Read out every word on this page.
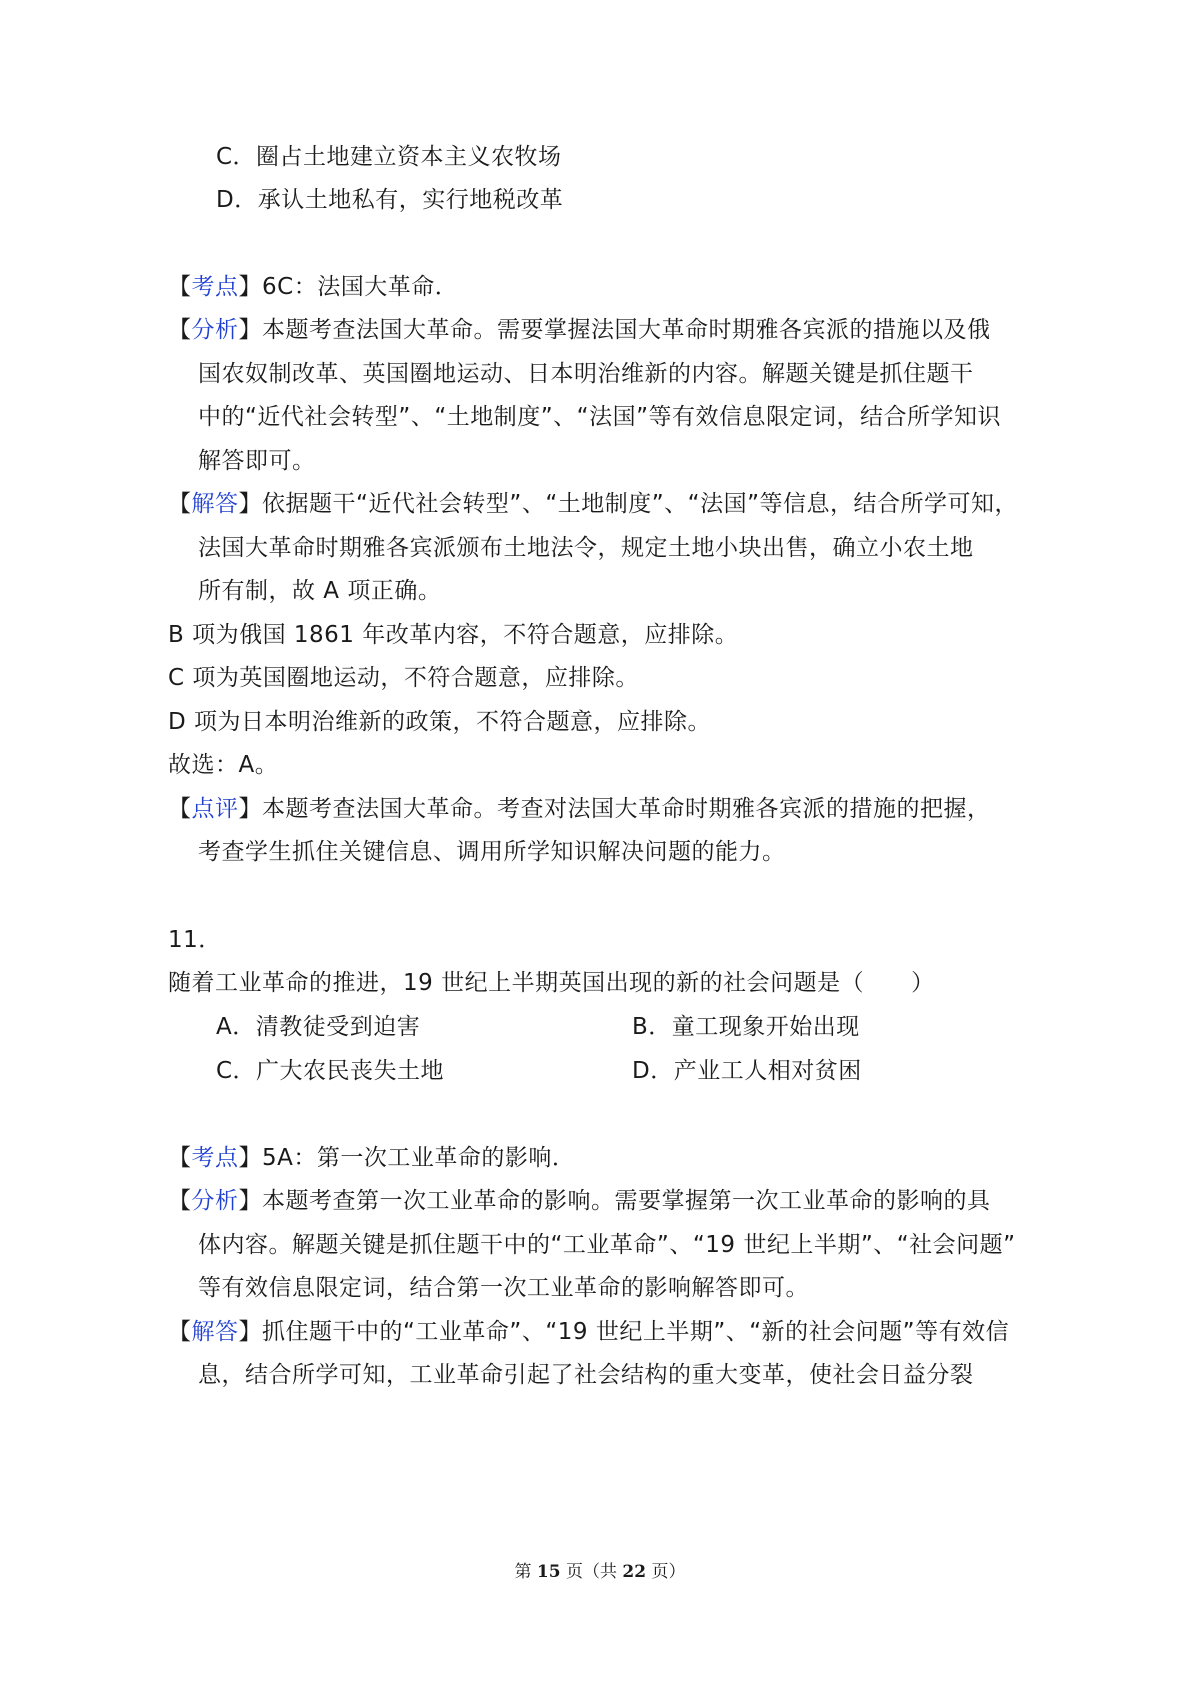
C．圈占土地建立资本主义农牧场
D．承认土地私有，实行地税改革
【考点】6C：法国大革命．
【分析】本题考查法国大革命。需要掌握法国大革命时期雅各宾派的措施以及俄
国农奴制改革、英国圈地运动、日本明治维新的内容。解题关键是抓住题干
中的“近代社会转型”、“土地制度”、“法国”等有效信息限定词，结合所学知识
解答即可。
【解答】依据题干“近代社会转型”、“土地制度”、“法国”等信息，结合所学可知，
法国大革命时期雅各宾派颁布土地法令，规定土地小块出售，确立小农土地
所有制，故 A 项正确。
B 项为俄国 1861 年改革内容，不符合题意，应排除。
C 项为英国圈地运动，不符合题意，应排除。
D 项为日本明治维新的政策，不符合题意，应排除。
故选：A。
【点评】本题考查法国大革命。考查对法国大革命时期雅各宾派的措施的把握，
考查学生抓住关键信息、调用所学知识解决问题的能力。
11．
随着工业革命的推进，19 世纪上半期英国出现的新的社会问题是（　　）
A．清教徒受到迫害	B．童工现象开始出现
C．广大农民丧失土地	D．产业工人相对贫困
【考点】5A：第一次工业革命的影响．
【分析】本题考查第一次工业革命的影响。需要掌握第一次工业革命的影响的具
体内容。解题关键是抓住题干中的“工业革命”、“19 世纪上半期”、“社会问题”
等有效信息限定词，结合第一次工业革命的影响解答即可。
【解答】抓住题干中的“工业革命”、“19 世纪上半期”、“新的社会问题”等有效信
息，结合所学可知，工业革命引起了社会结构的重大变革，使社会日益分裂
第 15 页（共 22 页）
